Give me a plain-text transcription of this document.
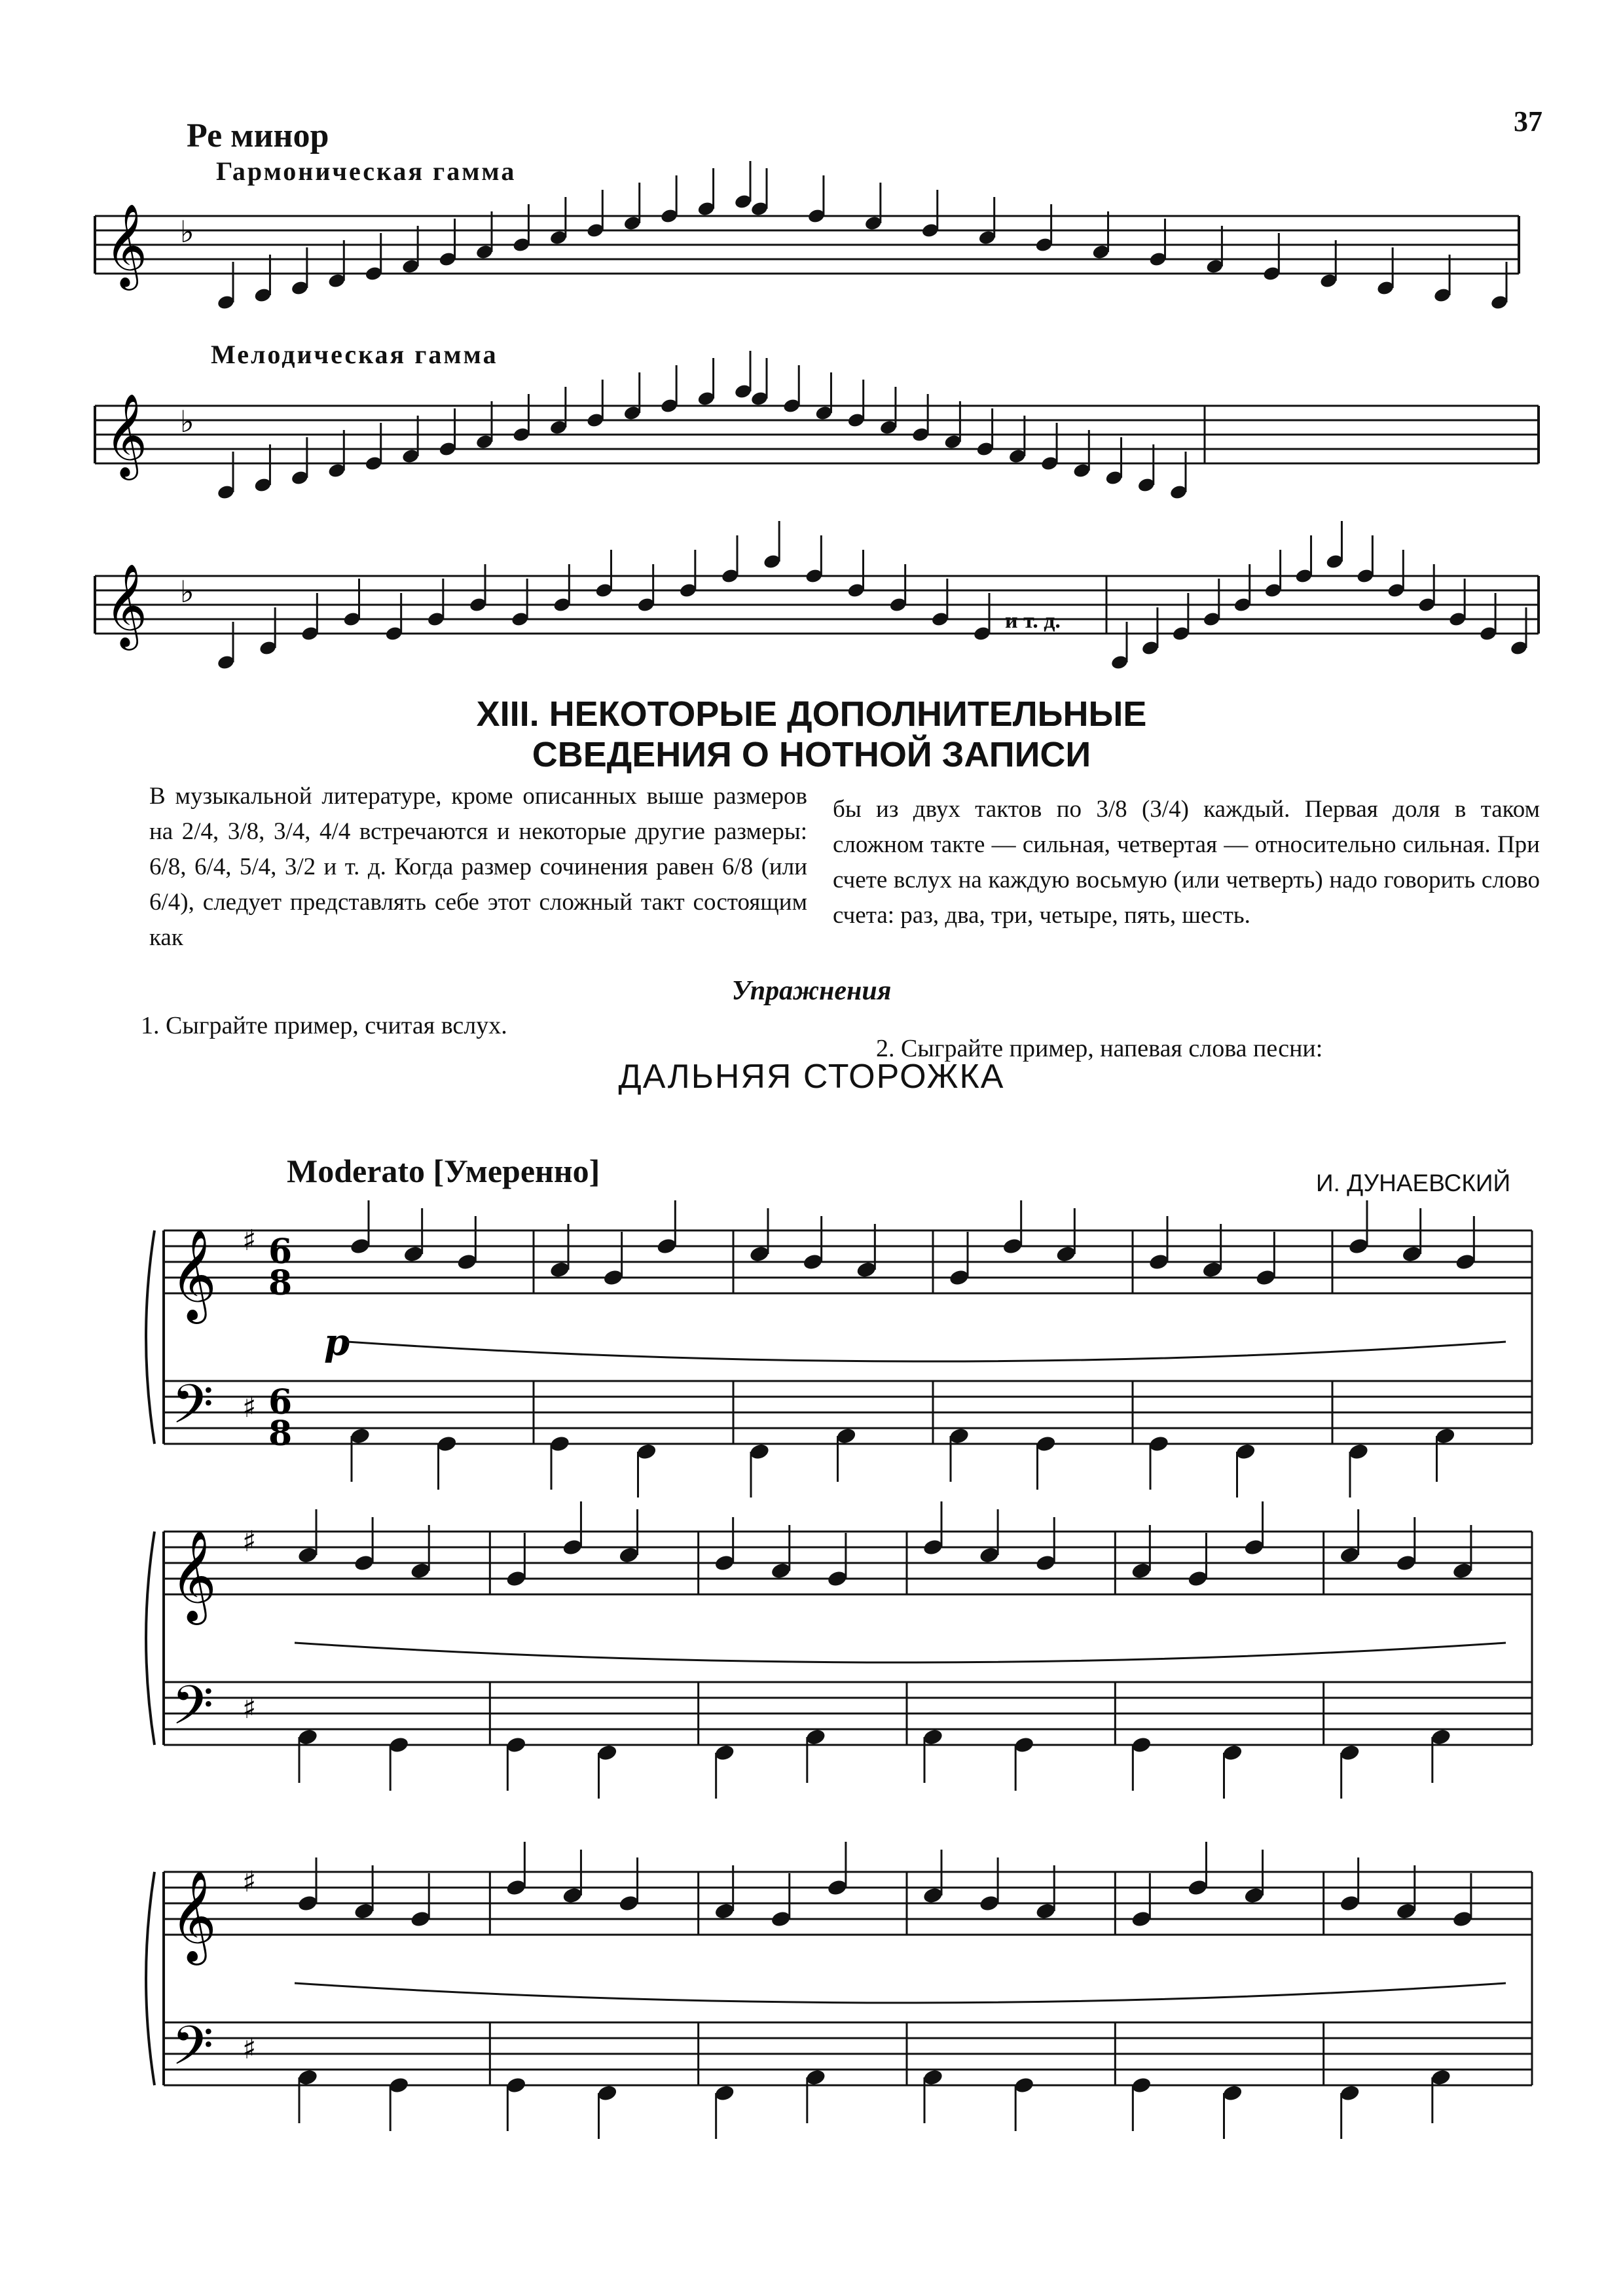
37
Ре минор
Гармоническая гамма
Мелодическая гамма
𝄞 ♭
𝄞 ♭
𝄞 ♭
и т. д.
XIII. НЕКОТОРЫЕ ДОПОЛНИТЕЛЬНЫЕ
СВЕДЕНИЯ О НОТНОЙ ЗАПИСИ
В музыкальной литературе, кроме описанных выше размеров на 2/4, 3/8, 3/4, 4/4 встречаются и некоторые другие размеры: 6/8, 6/4, 5/4, 3/2 и т. д. Когда размер сочинения равен 6/8 (или 6/4), следует представлять себе этот сложный такт состоящим как
бы из двух тактов по 3/8 (3/4) каждый. Первая доля в таком сложном такте — сильная, четвертая — относительно сильная. При счете вслух на каждую восьмую (или четверть) надо говорить слово счета: раз, два, три, четыре, пять, шесть.
Упражнения
1. Сыграйте пример, считая вслух.
2. Сыграйте пример, напевая слова песни:
ДАЛЬНЯЯ СТОРОЖКА
Moderato [Умеренно]	И. ДУНАЕВСКИЙ
𝄞
𝄢
♯
♯
6
8
6
8
p
𝄞
𝄢
♯
♯
𝄞
𝄢
♯
♯
